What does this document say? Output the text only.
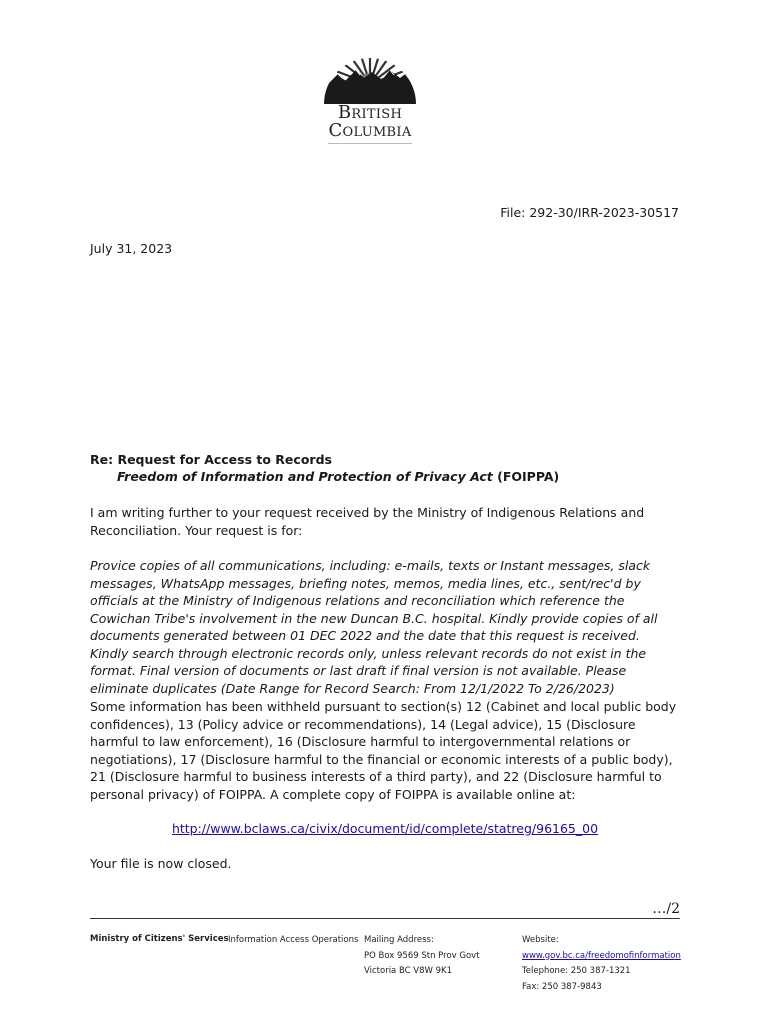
British
Columbia
File: 292-30/IRR-2023-30517
July 31, 2023
Re: Request for Access to Records
Freedom of Information and Protection of Privacy Act (FOIPPA)
I am writing further to your request received by the Ministry of Indigenous Relations and Reconciliation. Your request is for:
Provice copies of all communications, including: e-mails, texts or Instant messages, slack messages, WhatsApp messages, briefing notes, memos, media lines, etc., sent/rec'd by officials at the Ministry of Indigenous relations and reconciliation which reference the Cowichan Tribe's involvement in the new Duncan B.C. hospital. Kindly provide copies of all documents generated between 01 DEC 2022 and the date that this request is received. Kindly search through electronic records only, unless relevant records do not exist in the format. Final version of documents or last draft if final version is not available. Please eliminate duplicates (Date Range for Record Search: From 12/1/2022 To 2/26/2023)
Some information has been withheld pursuant to section(s) 12 (Cabinet and local public body confidences), 13 (Policy advice or recommendations), 14 (Legal advice), 15 (Disclosure harmful to law enforcement), 16 (Disclosure harmful to intergovernmental relations or negotiations), 17 (Disclosure harmful to the financial or economic interests of a public body), 21 (Disclosure harmful to business interests of a third party), and 22 (Disclosure harmful to personal privacy) of FOIPPA. A complete copy of FOIPPA is available online at:
http://www.bclaws.ca/civix/document/id/complete/statreg/96165_00
Your file is now closed.
…/2
Ministry of Citizens' Services Information Access Operations Mailing Address:
PO Box 9569 Stn Prov Govt
Victoria BC V8W 9K1
Website:
www.gov.bc.ca/freedomofinformation
Telephone: 250 387-1321
Fax: 250 387-9843
